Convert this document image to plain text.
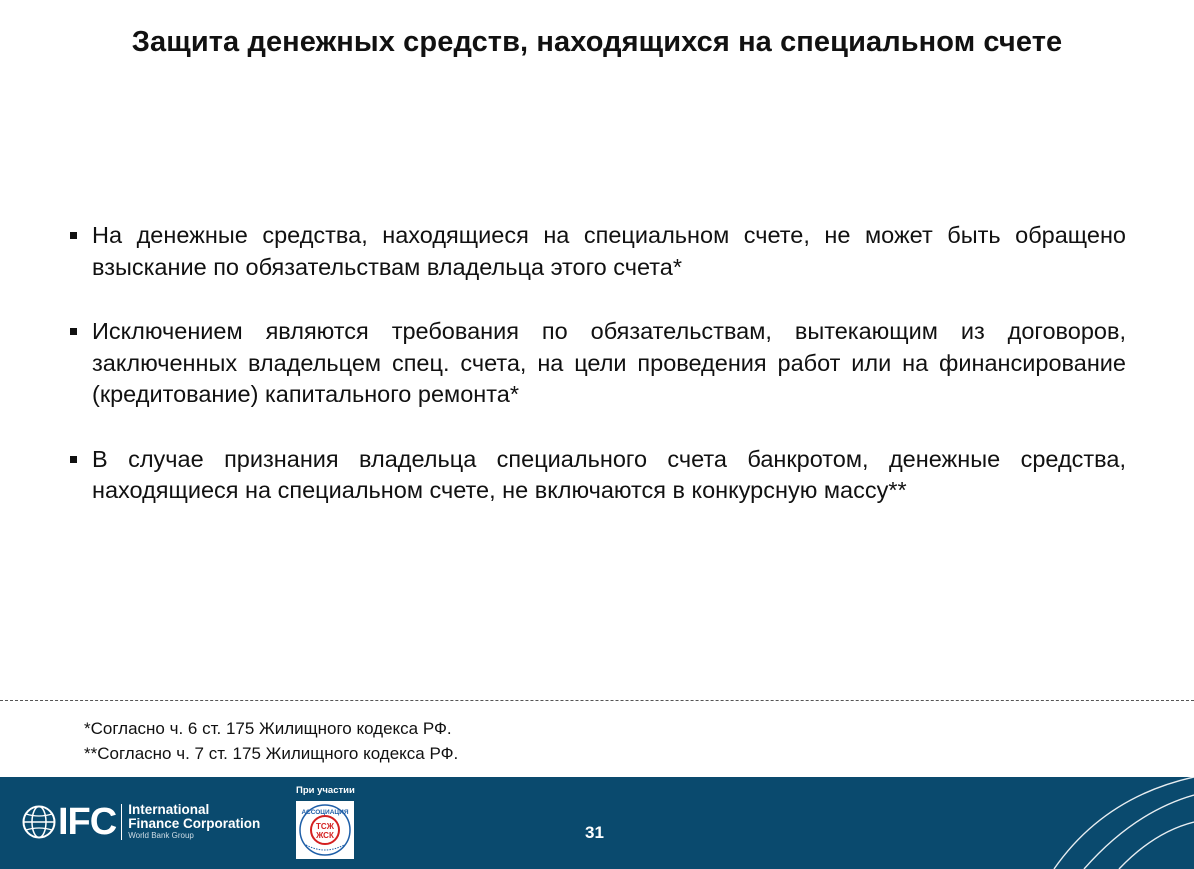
Защита денежных средств, находящихся на специальном счете
На денежные средства, находящиеся на специальном счете, не может быть обращено взыскание по обязательствам владельца этого счета*
Исключением являются требования по обязательствам, вытекающим из договоров, заключенных владельцем спец. счета, на цели проведения работ или на финансирование (кредитование) капитального ремонта*
В случае признания владельца специального счета банкротом, денежные средства, находящиеся на специальном счете, не включаются в конкурсную массу**
*Согласно ч. 6 ст. 175 Жилищного кодекса РФ.
**Согласно ч. 7 ст. 175 Жилищного кодекса РФ.
IFC International
Finance Corporation
World Bank Group
При участии
АССОЦИАЦИЯ
ТСЖ
ЖСК	31
